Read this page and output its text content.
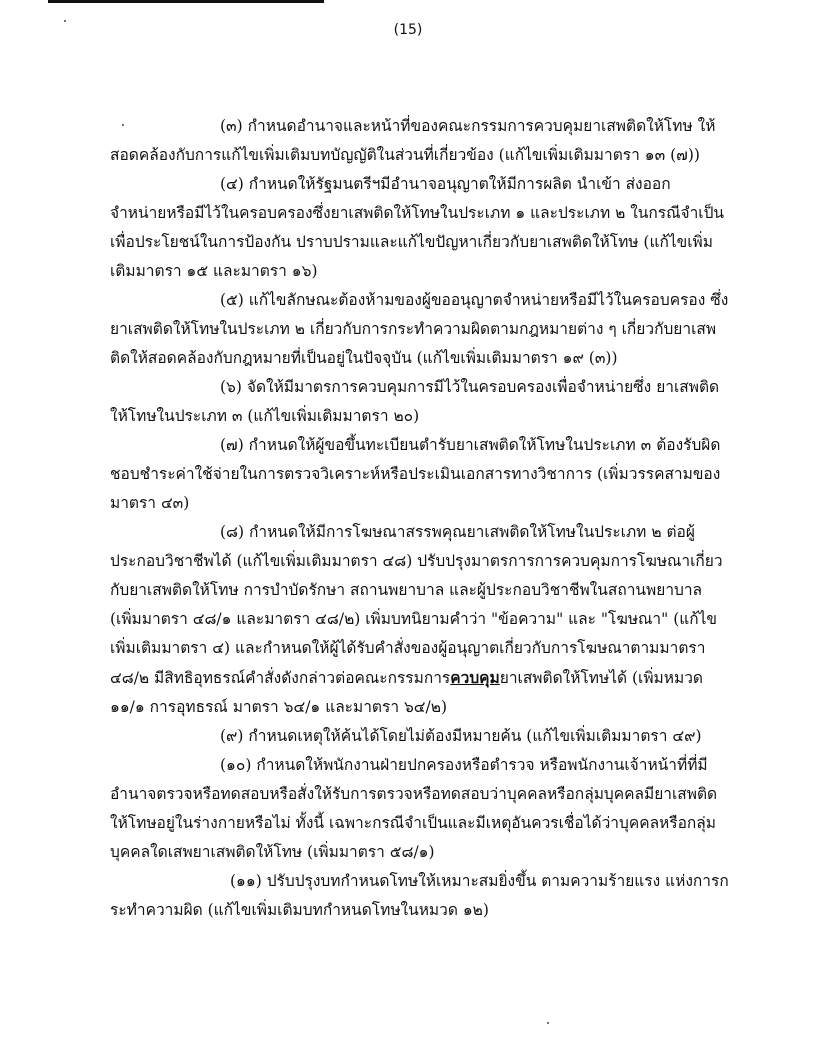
(15)

(๓) กำหนดอำนาจและหน้าที่ของคณะกรรมการควบคุมยาเสพติดให้โทษ ให้สอดคล้องกับการแก้ไขเพิ่มเติมบทบัญญัติในส่วนที่เกี่ยวข้อง (แก้ไขเพิ่มเติมมาตรา ๑๓ (๗))

(๔) กำหนดให้รัฐมนตรีฯมีอำนาจอนุญาตให้มีการผลิต นำเข้า ส่งออก จำหน่ายหรือมีไว้ในครอบครองซึ่งยาเสพติดให้โทษในประเภท ๑ และประเภท ๒ ในกรณีจำเป็นเพื่อประโยชน์ในการป้องกัน ปราบปรามและแก้ไขปัญหาเกี่ยวกับยาเสพติดให้โทษ (แก้ไขเพิ่มเติมมาตรา ๑๕ และมาตรา ๑๖)

(๕) แก้ไขลักษณะต้องห้ามของผู้ขออนุญาตจำหน่ายหรือมีไว้ในครอบครอง ซึ่งยาเสพติดให้โทษในประเภท ๒ เกี่ยวกับการกระทำความผิดตามกฎหมายต่าง ๆ เกี่ยวกับยาเสพติดให้สอดคล้องกับกฎหมายที่เป็นอยู่ในปัจจุบัน (แก้ไขเพิ่มเติมมาตรา ๑๙ (๓))

(๖) จัดให้มีมาตรการควบคุมการมีไว้ในครอบครองเพื่อจำหน่ายซึ่ง ยาเสพติดให้โทษในประเภท ๓ (แก้ไขเพิ่มเติมมาตรา ๒๐)

(๗) กำหนดให้ผู้ขอขึ้นทะเบียนตำรับยาเสพติดให้โทษในประเภท ๓ ต้องรับผิดชอบชำระค่าใช้จ่ายในการตรวจวิเคราะห์หรือประเมินเอกสารทางวิชาการ (เพิ่มวรรคสามของมาตรา ๔๓)

(๘) กำหนดให้มีการโฆษณาสรรพคุณยาเสพติดให้โทษในประเภท ๒ ต่อผู้ประกอบวิชาชีพได้ (แก้ไขเพิ่มเติมมาตรา ๔๘) ปรับปรุงมาตรการการควบคุมการโฆษณาเกี่ยวกับยาเสพติดให้โทษ การบำบัดรักษา สถานพยาบาล และผู้ประกอบวิชาชีพในสถานพยาบาล (เพิ่มมาตรา ๔๘/๑ และมาตรา ๔๘/๒) เพิ่มบทนิยามคำว่า "ข้อความ" และ "โฆษณา" (แก้ไขเพิ่มเติมมาตรา ๔) และกำหนดให้ผู้ได้รับคำสั่งของผู้อนุญาตเกี่ยวกับการโฆษณาตามมาตรา ๔๘/๒ มีสิทธิอุทธรณ์คำสั่งดังกล่าวต่อคณะกรรมการควบคุมยาเสพติดให้โทษได้ (เพิ่มหมวด ๑๑/๑ การอุทธรณ์ มาตรา ๖๔/๑ และมาตรา ๖๔/๒)

(๙) กำหนดเหตุให้ค้นได้โดยไม่ต้องมีหมายค้น (แก้ไขเพิ่มเติมมาตรา ๔๙)

(๑๐) กำหนดให้พนักงานฝ่ายปกครองหรือตำรวจ หรือพนักงานเจ้าหน้าที่ที่มี อำนาจตรวจหรือทดสอบหรือสั่งให้รับการตรวจหรือทดสอบว่าบุคคลหรือกลุ่มบุคคลมียาเสพติดให้โทษอยู่ในร่างกายหรือไม่ ทั้งนี้ เฉพาะกรณีจำเป็นและมีเหตุอันควรเชื่อได้ว่าบุคคลหรือกลุ่มบุคคลใดเสพยาเสพติดให้โทษ (เพิ่มมาตรา ๕๘/๑)

(๑๑) ปรับปรุงบทกำหนดโทษให้เหมาะสมยิ่งขึ้น ตามความร้ายแรง แห่งการกระทำความผิด (แก้ไขเพิ่มเติมบทกำหนดโทษในหมวด ๑๒)
